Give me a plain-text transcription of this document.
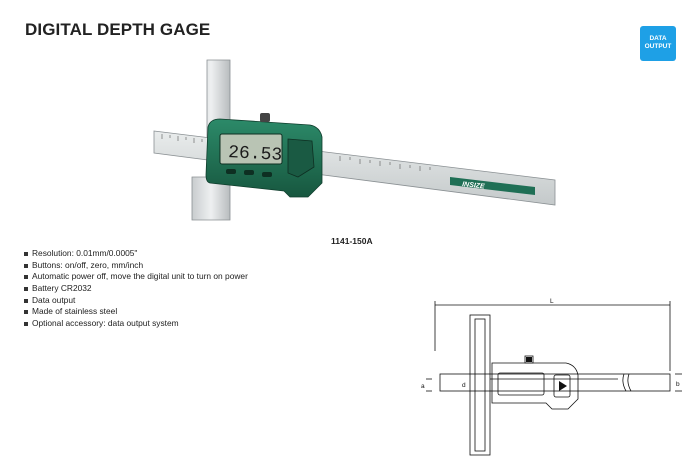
DIGITAL DEPTH GAGE	DATA
OUTPUT
INSIZE
26.53
1141-150A
Resolution: 0.01mm/0.0005"
Buttons: on/off, zero, mm/inch
Automatic power off, move the digital unit to turn on power
Battery CR2032
Data output
Made of stainless steel
Optional accessory: data output system
L
a	d	b
